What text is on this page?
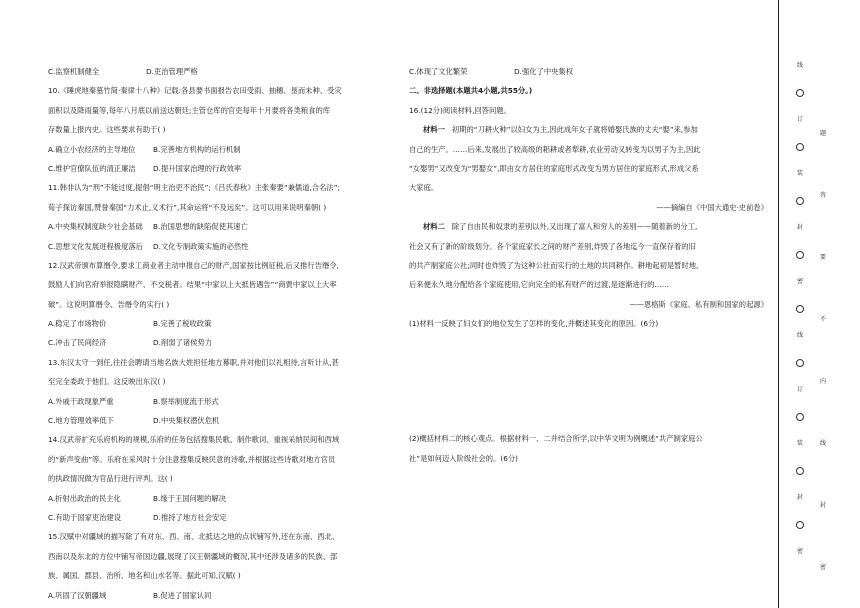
C.监察机制健全	D.吏治管理严格
10.《睡虎地秦墓竹简·秦律十八种》记载:各县要书面报告农田受雨、抽穗、垦而未种、受灾
面积以及降雨量等,每年八月底以前送达朝廷;主管仓库的官吏每年十月要将各类粮食的库
存数量上报内史。这些要求有助于( )
A.确立小农经济的主导地位 B.完善地方机构的运行机制
C.维护官僚队伍的清正廉洁 D.提升国家治理的行政效率
11.韩非认为“刑”不能过度,提倡“明主治吏不治民”;《吕氏春秋》主张秦要“兼儒道,合名法”;
荀子探访秦国,赞誉秦国“力术止,义术行”,其命运将“不及远矣”。这可以用来说明秦朝( )
A.中央集权制度缺少社会基础 B.治国思想的缺陷促使其速亡
C.思想文化发展进程极度落后 D.文化专制政策实施的必然性
12.汉武帝颁布算缗令,要求工商业者主动申报自己的财产,国家按比例征税,后又推行告缗令,
鼓励人们向官府举报隐瞒财产、不交税者。结果“中家以上大抵皆遇告”“商贾中家以上大率
破”。这说明算缗令、告缗令的实行( )
A.稳定了市场物价	B.完善了税收政策
C.冲击了民间经济	D.削弱了诸侯势力
13.东汉太守一到任,往往会聘请当地名族大姓担任地方幕职,并对他们以礼相待,言听计从,甚
至完全委政于他们。这反映出东汉( )
A.外戚干政现象严重	B.察举制度流于形式
C.地方管理效率低下	D.中央集权潜伏危机
14.汉武帝扩充乐府机构的规模,乐府的任务包括搜集民歌、制作歌词、重视采纳民间和西域
的“新声变曲”等。乐府在采风时十分注意搜集反映民意的诗歌,并根据这些诗歌对地方官员
的执政情况做为官品行进行评判。这( )
A.折射出政治的民主化	B.缘于王国问题的解决
C.有助于国家吏治建设	D.推持了地方社会安定
15.汉赋中对疆域的描写除了有对东、西、南、北抵达之地的点状铺写外,还在东南、西北、
西南以及东北的方位中铺写帝国边疆,展现了汉王朝疆域的概况,其中还涉及诸多的民族、部
族、属国、郡县、治所、地名和山水名等。据此可知,汉赋( )
A.巩固了汉朝疆域	B.促进了国家认同
C.体现了文化繁荣	D.强化了中央集权
二、非选择题(本题共4小题,共55分。)
16.(12分)阅读材料,回答问题。
材料一 初期的“刀耕火种”以妇女为主,因此成年女子就将婚娶氏族的丈夫“娶”来,参加
自己的生产。……后来,发展出了较高级的耜耕或者犁耕,农业劳动又转变为以男子为主,因此
“女娶男”又改变为“男娶女”,即由女方居住的家庭形式改变为男方居住的家庭形式,形成父系
大家庭。
——摘编自《中国大通史·史前卷》
材料二 除了自由民和奴隶的差别以外,又出现了富人和穷人的差别——随着新的分工,
社会又有了新的阶级划分。各个家庭家长之间的财产差别,炸毁了各地迄今一直保存着的旧
的共产制家庭公社;同时也炸毁了为这种公社而实行的土地的共同耕作。耕地起初是暂时地,
后来便永久地分配给各个家庭使用,它向完全的私有财产的过渡,是逐渐进行的……
——恩格斯《家庭、私有制和国家的起源》
(1)材料一反映了妇女们的地位发生了怎样的变化,并概述其变化的原因。(6分)
(2)概括材料二的核心观点。根据材料一、二并结合所学,以中华文明为例概述“共产制家庭公
社”是如何迈入阶级社会的。(6分)
线
订
装
封
密
线
订
装
封
密
题
答
要
不
内
线
封
密
